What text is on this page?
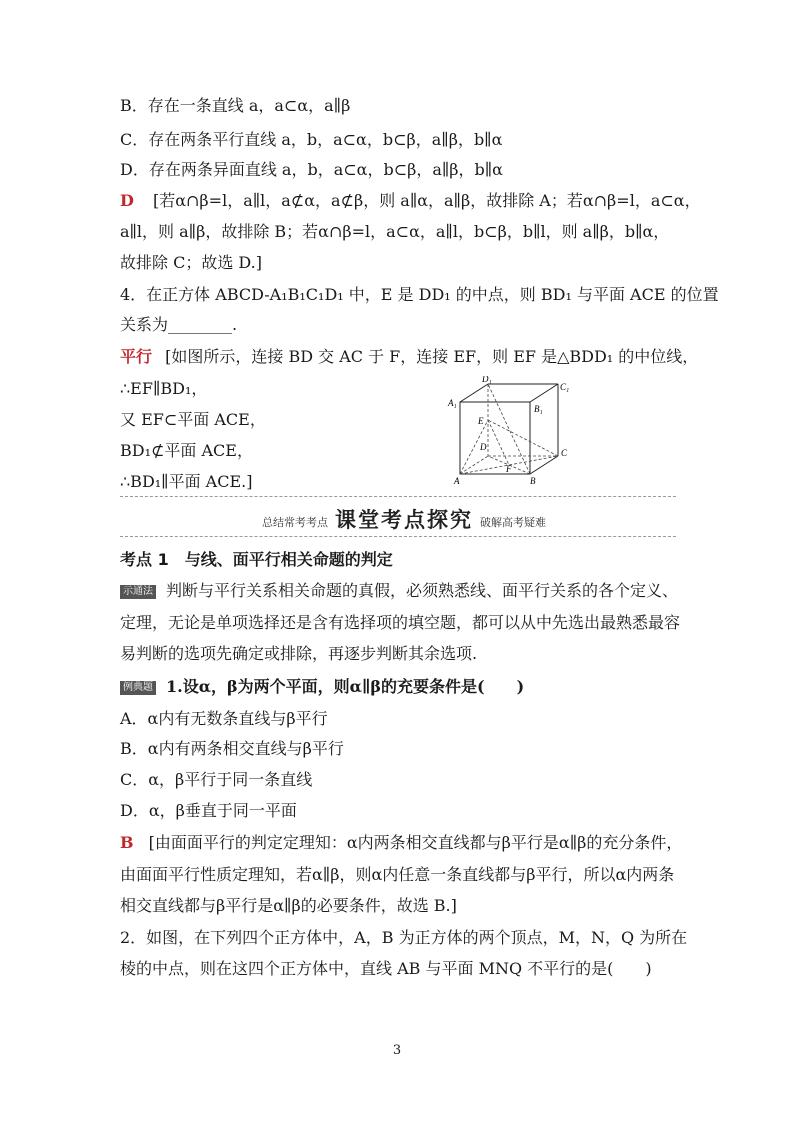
B．存在一条直线 a，a⊂α，a∥β
C．存在两条平行直线 a，b，a⊂α，b⊂β，a∥β，b∥α
D．存在两条异面直线 a，b，a⊂α，b⊂β，a∥β，b∥α
D [若α∩β=l，a∥l，a⊄α，a⊄β，则 a∥α，a∥β，故排除 A；若α∩β=l，a⊂α，
a∥l，则 a∥β，故排除 B；若α∩β=l，a⊂α，a∥l，b⊂β，b∥l，则 a∥β，b∥α，
故排除 C；故选 D.]
4．在正方体 ABCD-A₁B₁C₁D₁ 中，E 是 DD₁ 的中点，则 BD₁ 与平面 ACE 的位置
关系为________.
平行 [如图所示，连接 BD 交 AC 于 F，连接 EF，则 EF 是△BDD₁ 的中位线，
∴EF∥BD₁，
又 EF⊂平面 ACE，
BD₁⊄平面 ACE，
∴BD₁∥平面 ACE.]
D₁
C₁
A₁
B₁
E
D
C
F
A	B
总结常考考点 课堂考点探究 破解高考疑难
考点 1　与线、面平行相关命题的判定
示通法 判断与平行关系相关命题的真假，必须熟悉线、面平行关系的各个定义、
定理，无论是单项选择还是含有选择项的填空题，都可以从中先选出最熟悉最容
易判断的选项先确定或排除，再逐步判断其余选项.
例典题 1.设α，β为两个平面，则α∥β的充要条件是(　　)
A．α内有无数条直线与β平行
B．α内有两条相交直线与β平行
C．α，β平行于同一条直线
D．α，β垂直于同一平面
B [由面面平行的判定定理知：α内两条相交直线都与β平行是α∥β的充分条件，
由面面平行性质定理知，若α∥β，则α内任意一条直线都与β平行，所以α内两条
相交直线都与β平行是α∥β的必要条件，故选 B.]
2．如图，在下列四个正方体中，A，B 为正方体的两个顶点，M，N，Q 为所在
棱的中点，则在这四个正方体中，直线 AB 与平面 MNQ 不平行的是(　　)
3
